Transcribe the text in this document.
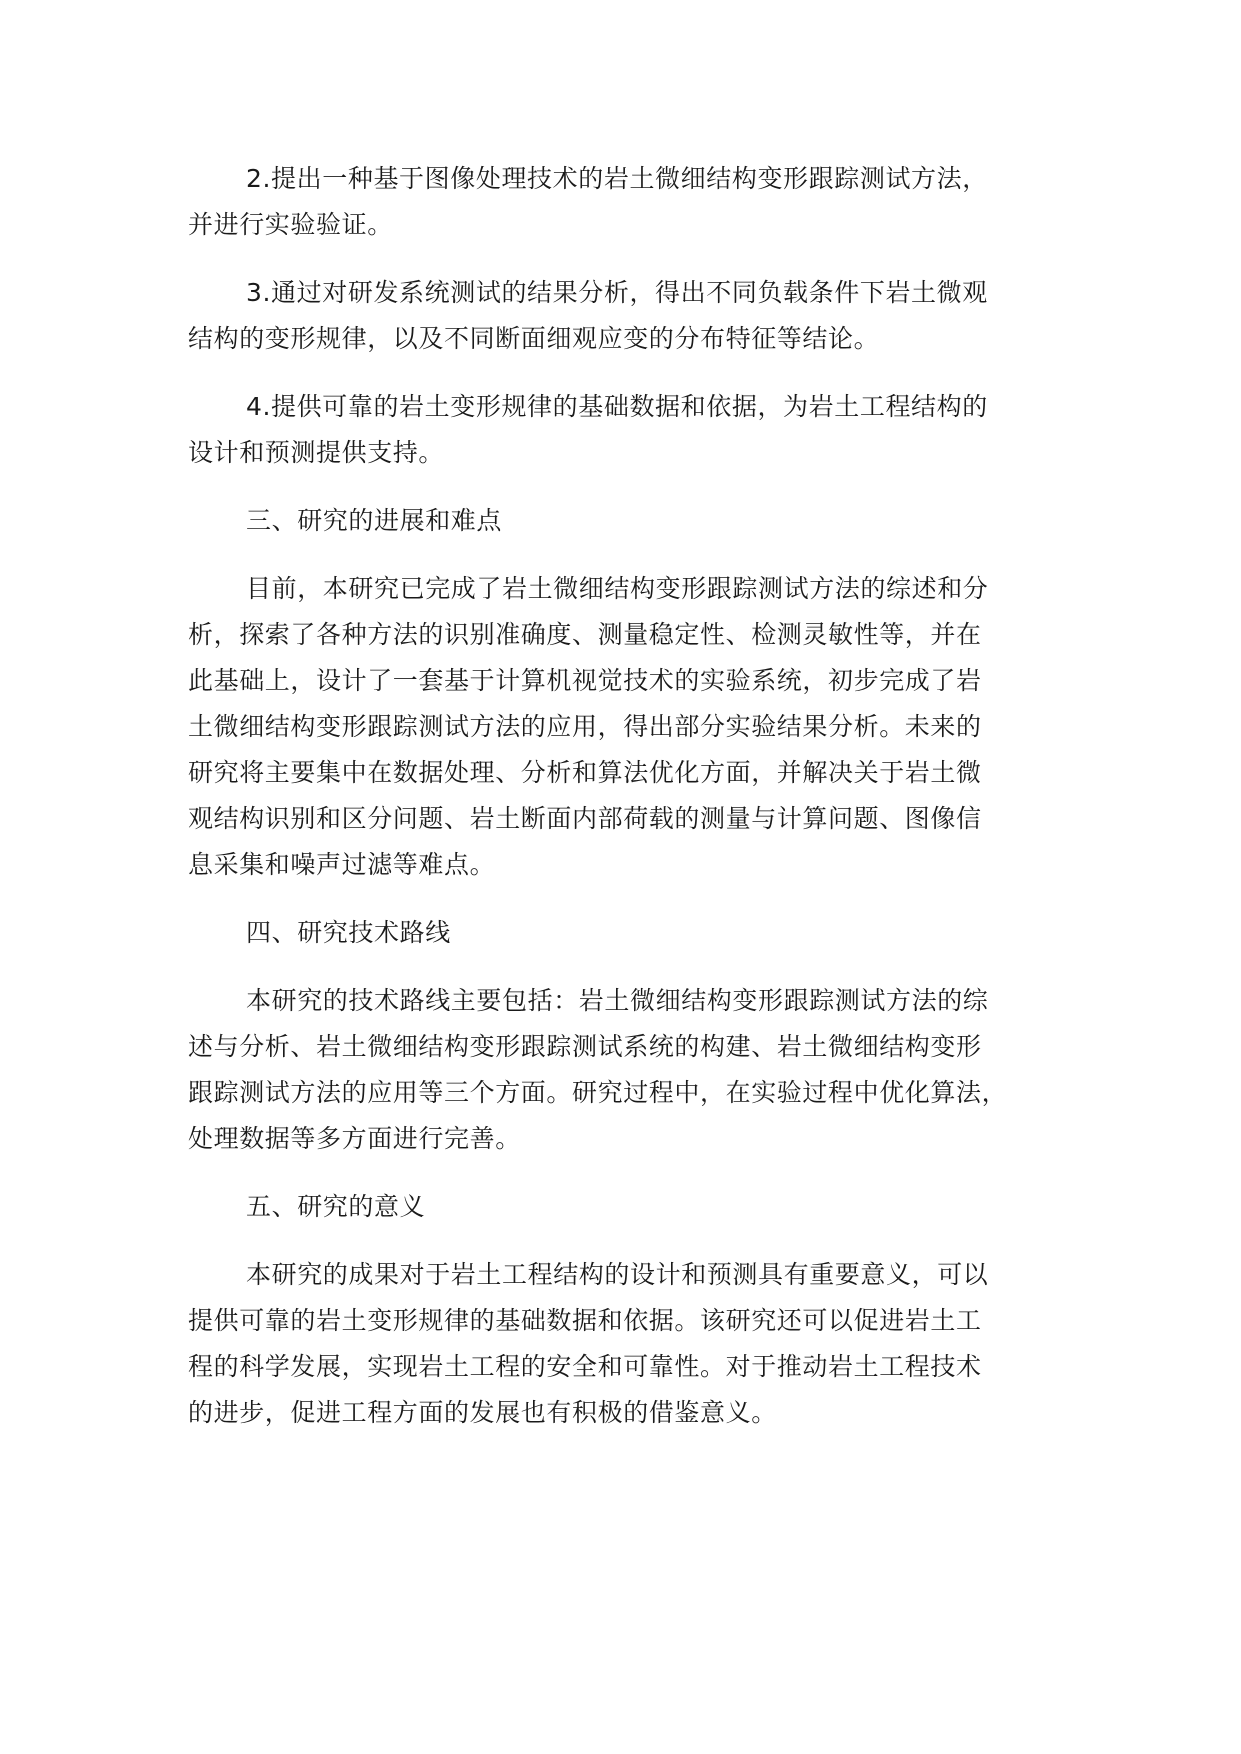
2.提出一种基于图像处理技术的岩土微细结构变形跟踪测试方法，
并进行实验验证。

3.通过对研发系统测试的结果分析，得出不同负载条件下岩土微观
结构的变形规律，以及不同断面细观应变的分布特征等结论。

4.提供可靠的岩土变形规律的基础数据和依据，为岩土工程结构的
设计和预测提供支持。

三、研究的进展和难点

目前，本研究已完成了岩土微细结构变形跟踪测试方法的综述和分
析，探索了各种方法的识别准确度、测量稳定性、检测灵敏性等，并在
此基础上，设计了一套基于计算机视觉技术的实验系统，初步完成了岩
土微细结构变形跟踪测试方法的应用，得出部分实验结果分析。未来的
研究将主要集中在数据处理、分析和算法优化方面，并解决关于岩土微
观结构识别和区分问题、岩土断面内部荷载的测量与计算问题、图像信
息采集和噪声过滤等难点。

四、研究技术路线

本研究的技术路线主要包括：岩土微细结构变形跟踪测试方法的综
述与分析、岩土微细结构变形跟踪测试系统的构建、岩土微细结构变形
跟踪测试方法的应用等三个方面。研究过程中，在实验过程中优化算法，
处理数据等多方面进行完善。

五、研究的意义

本研究的成果对于岩土工程结构的设计和预测具有重要意义，可以
提供可靠的岩土变形规律的基础数据和依据。该研究还可以促进岩土工
程的科学发展，实现岩土工程的安全和可靠性。对于推动岩土工程技术
的进步，促进工程方面的发展也有积极的借鉴意义。
